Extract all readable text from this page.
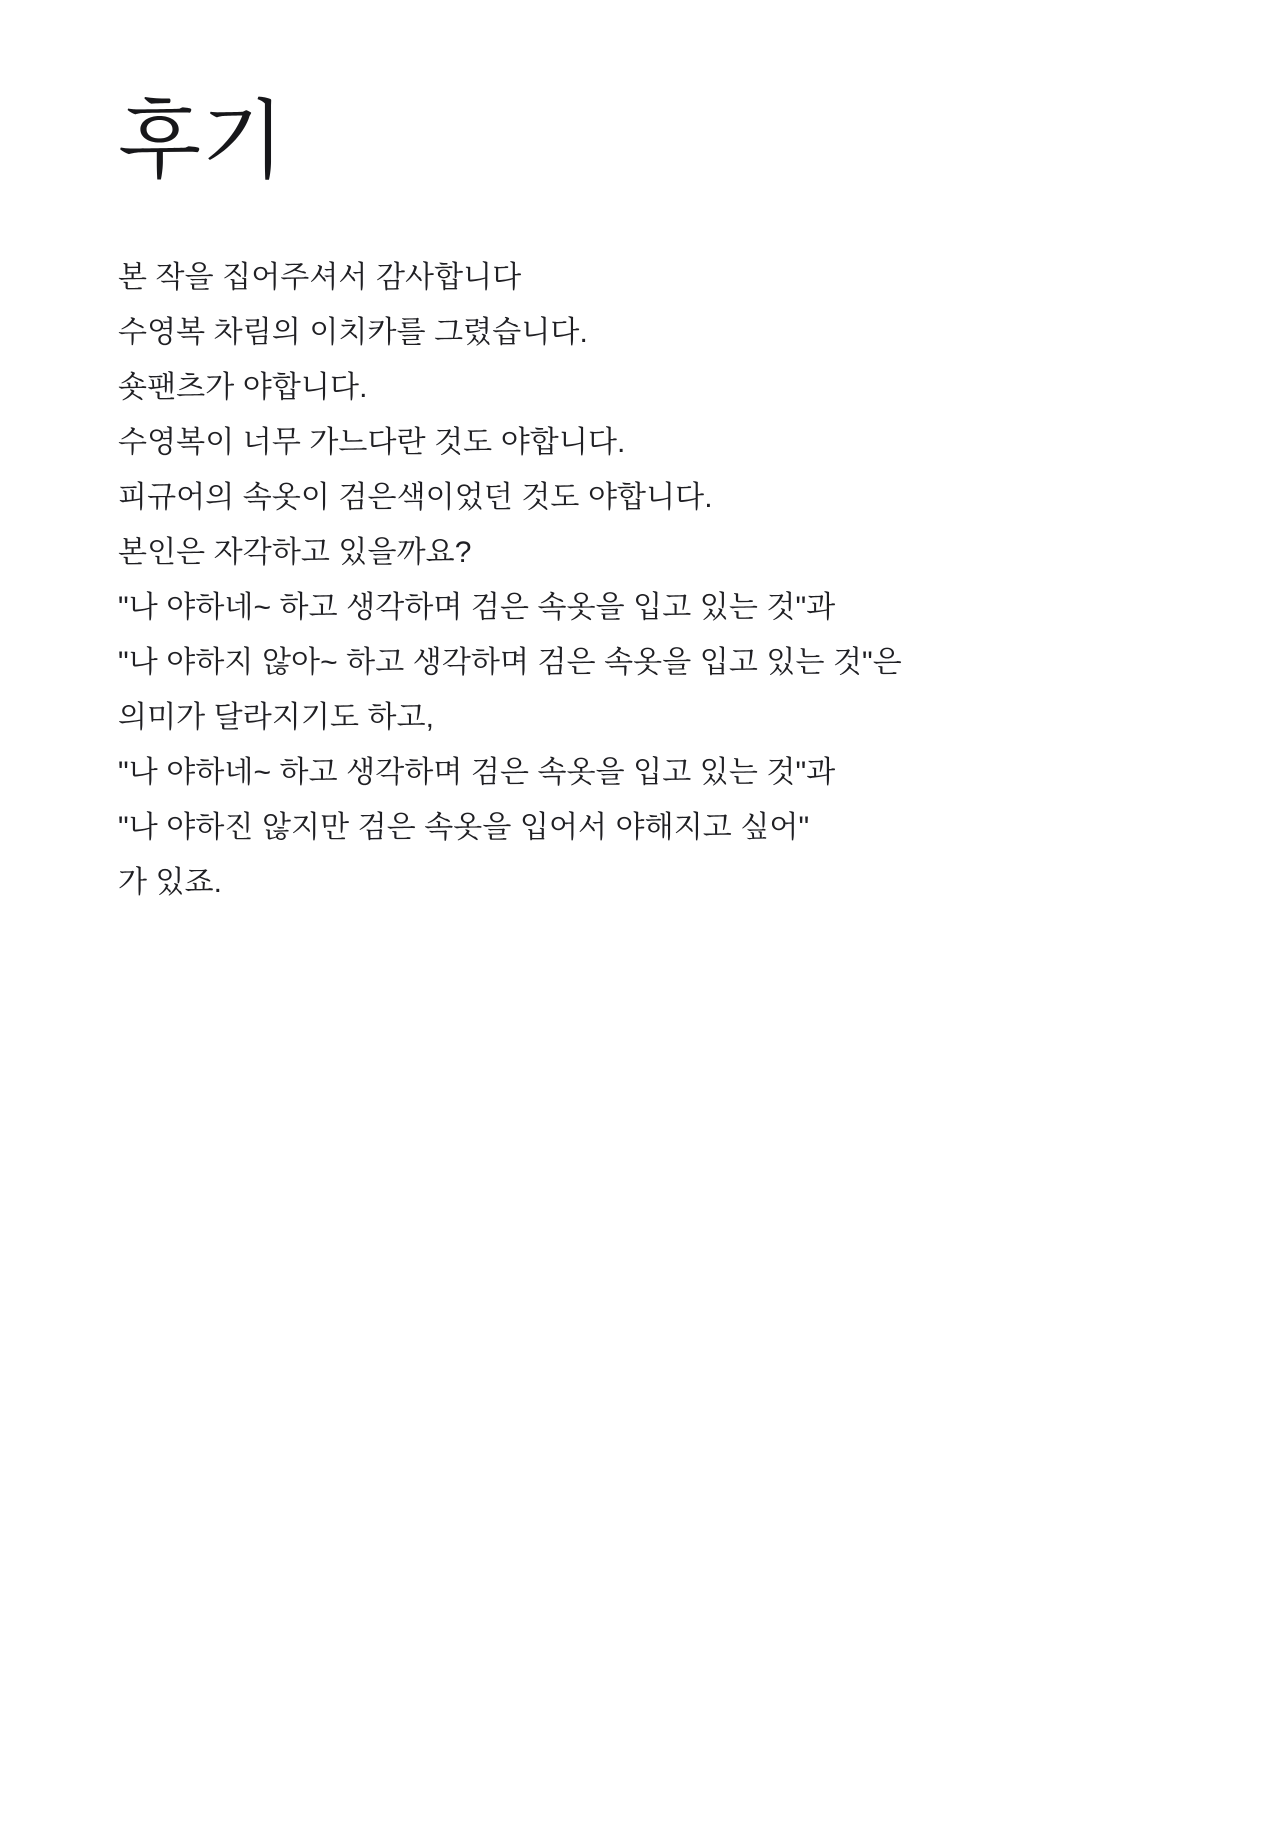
후기

본 작을 집어주셔서 감사합니다

수영복 차림의 이치카를 그렸습니다.

숏팬츠가 야합니다.

수영복이 너무 가느다란 것도 야합니다.

피규어의 속옷이 검은색이었던 것도 야합니다.

본인은 자각하고 있을까요?

"나 야하네~ 하고 생각하며 검은 속옷을 입고 있는 것"과

"나 야하지 않아~ 하고 생각하며 검은 속옷을 입고 있는 것"은

의미가 달라지기도 하고,

"나 야하네~ 하고 생각하며 검은 속옷을 입고 있는 것"과

"나 야하진 않지만 검은 속옷을 입어서 야해지고 싶어"

가 있죠.
